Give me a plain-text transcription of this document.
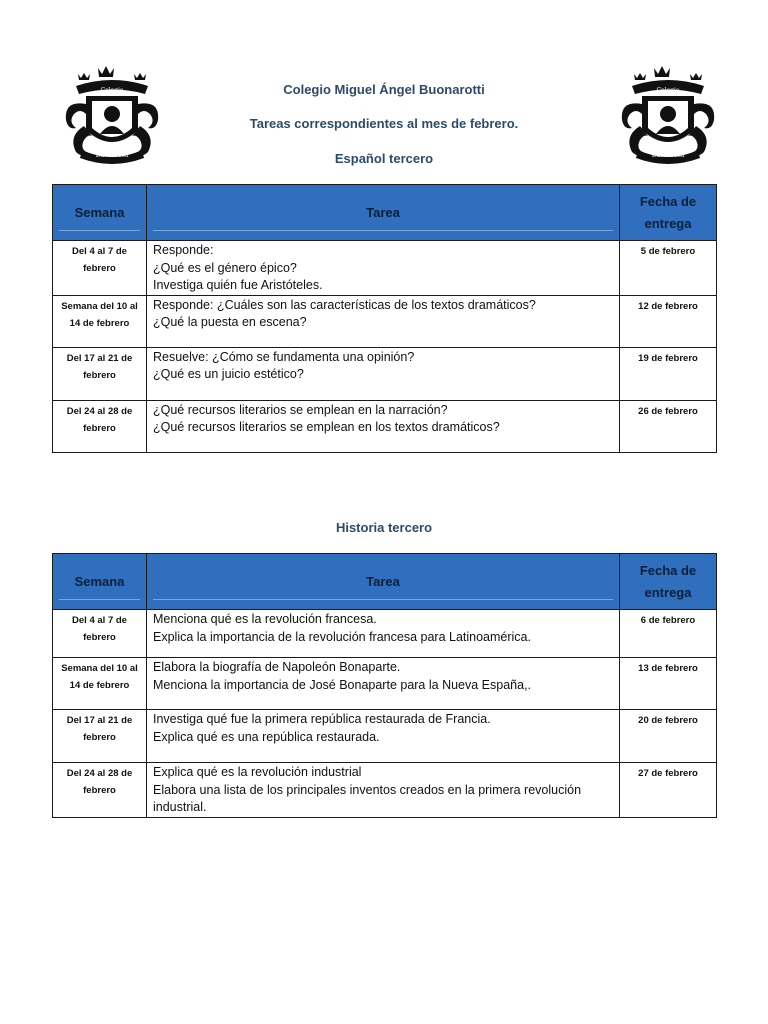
Colegio
Buonarotti
Colegio Miguel Ángel Buonarotti
Tareas correspondientes al mes de febrero.
Español tercero
Colegio
Buonarotti
Semana	Tarea	Fecha de entrega
Del 4 al 7 de febrero	Responde:
¿Qué es el género épico?
Investiga quién fue Aristóteles.	5 de febrero
Semana del 10 al 14 de febrero	Responde: ¿Cuáles son las características de los textos dramáticos?
¿Qué la puesta en escena?	12 de febrero
Del 17 al 21 de febrero	Resuelve: ¿Cómo se fundamenta una opinión?
¿Qué es un juicio estético?	19 de febrero
Del 24 al 28 de febrero	¿Qué recursos literarios se emplean en la narración?
¿Qué recursos literarios se emplean en los textos dramáticos?	26 de febrero
Historia tercero
Semana	Tarea	Fecha de entrega
Del 4 al 7 de febrero	Menciona qué es la revolución francesa.
Explica la importancia de la revolución francesa para Latinoamérica.	6 de febrero
Semana del 10 al 14 de febrero	Elabora la biografía de Napoleón Bonaparte.
Menciona la importancia de José Bonaparte para la Nueva España,.	13 de febrero
Del 17 al 21 de febrero	Investiga qué fue la primera república restaurada de Francia.
Explica qué es una república restaurada.	20 de febrero
Del 24 al 28 de febrero	Explica qué es la revolución industrial
Elabora una lista de los principales inventos creados en la primera revolución industrial.	27 de febrero
